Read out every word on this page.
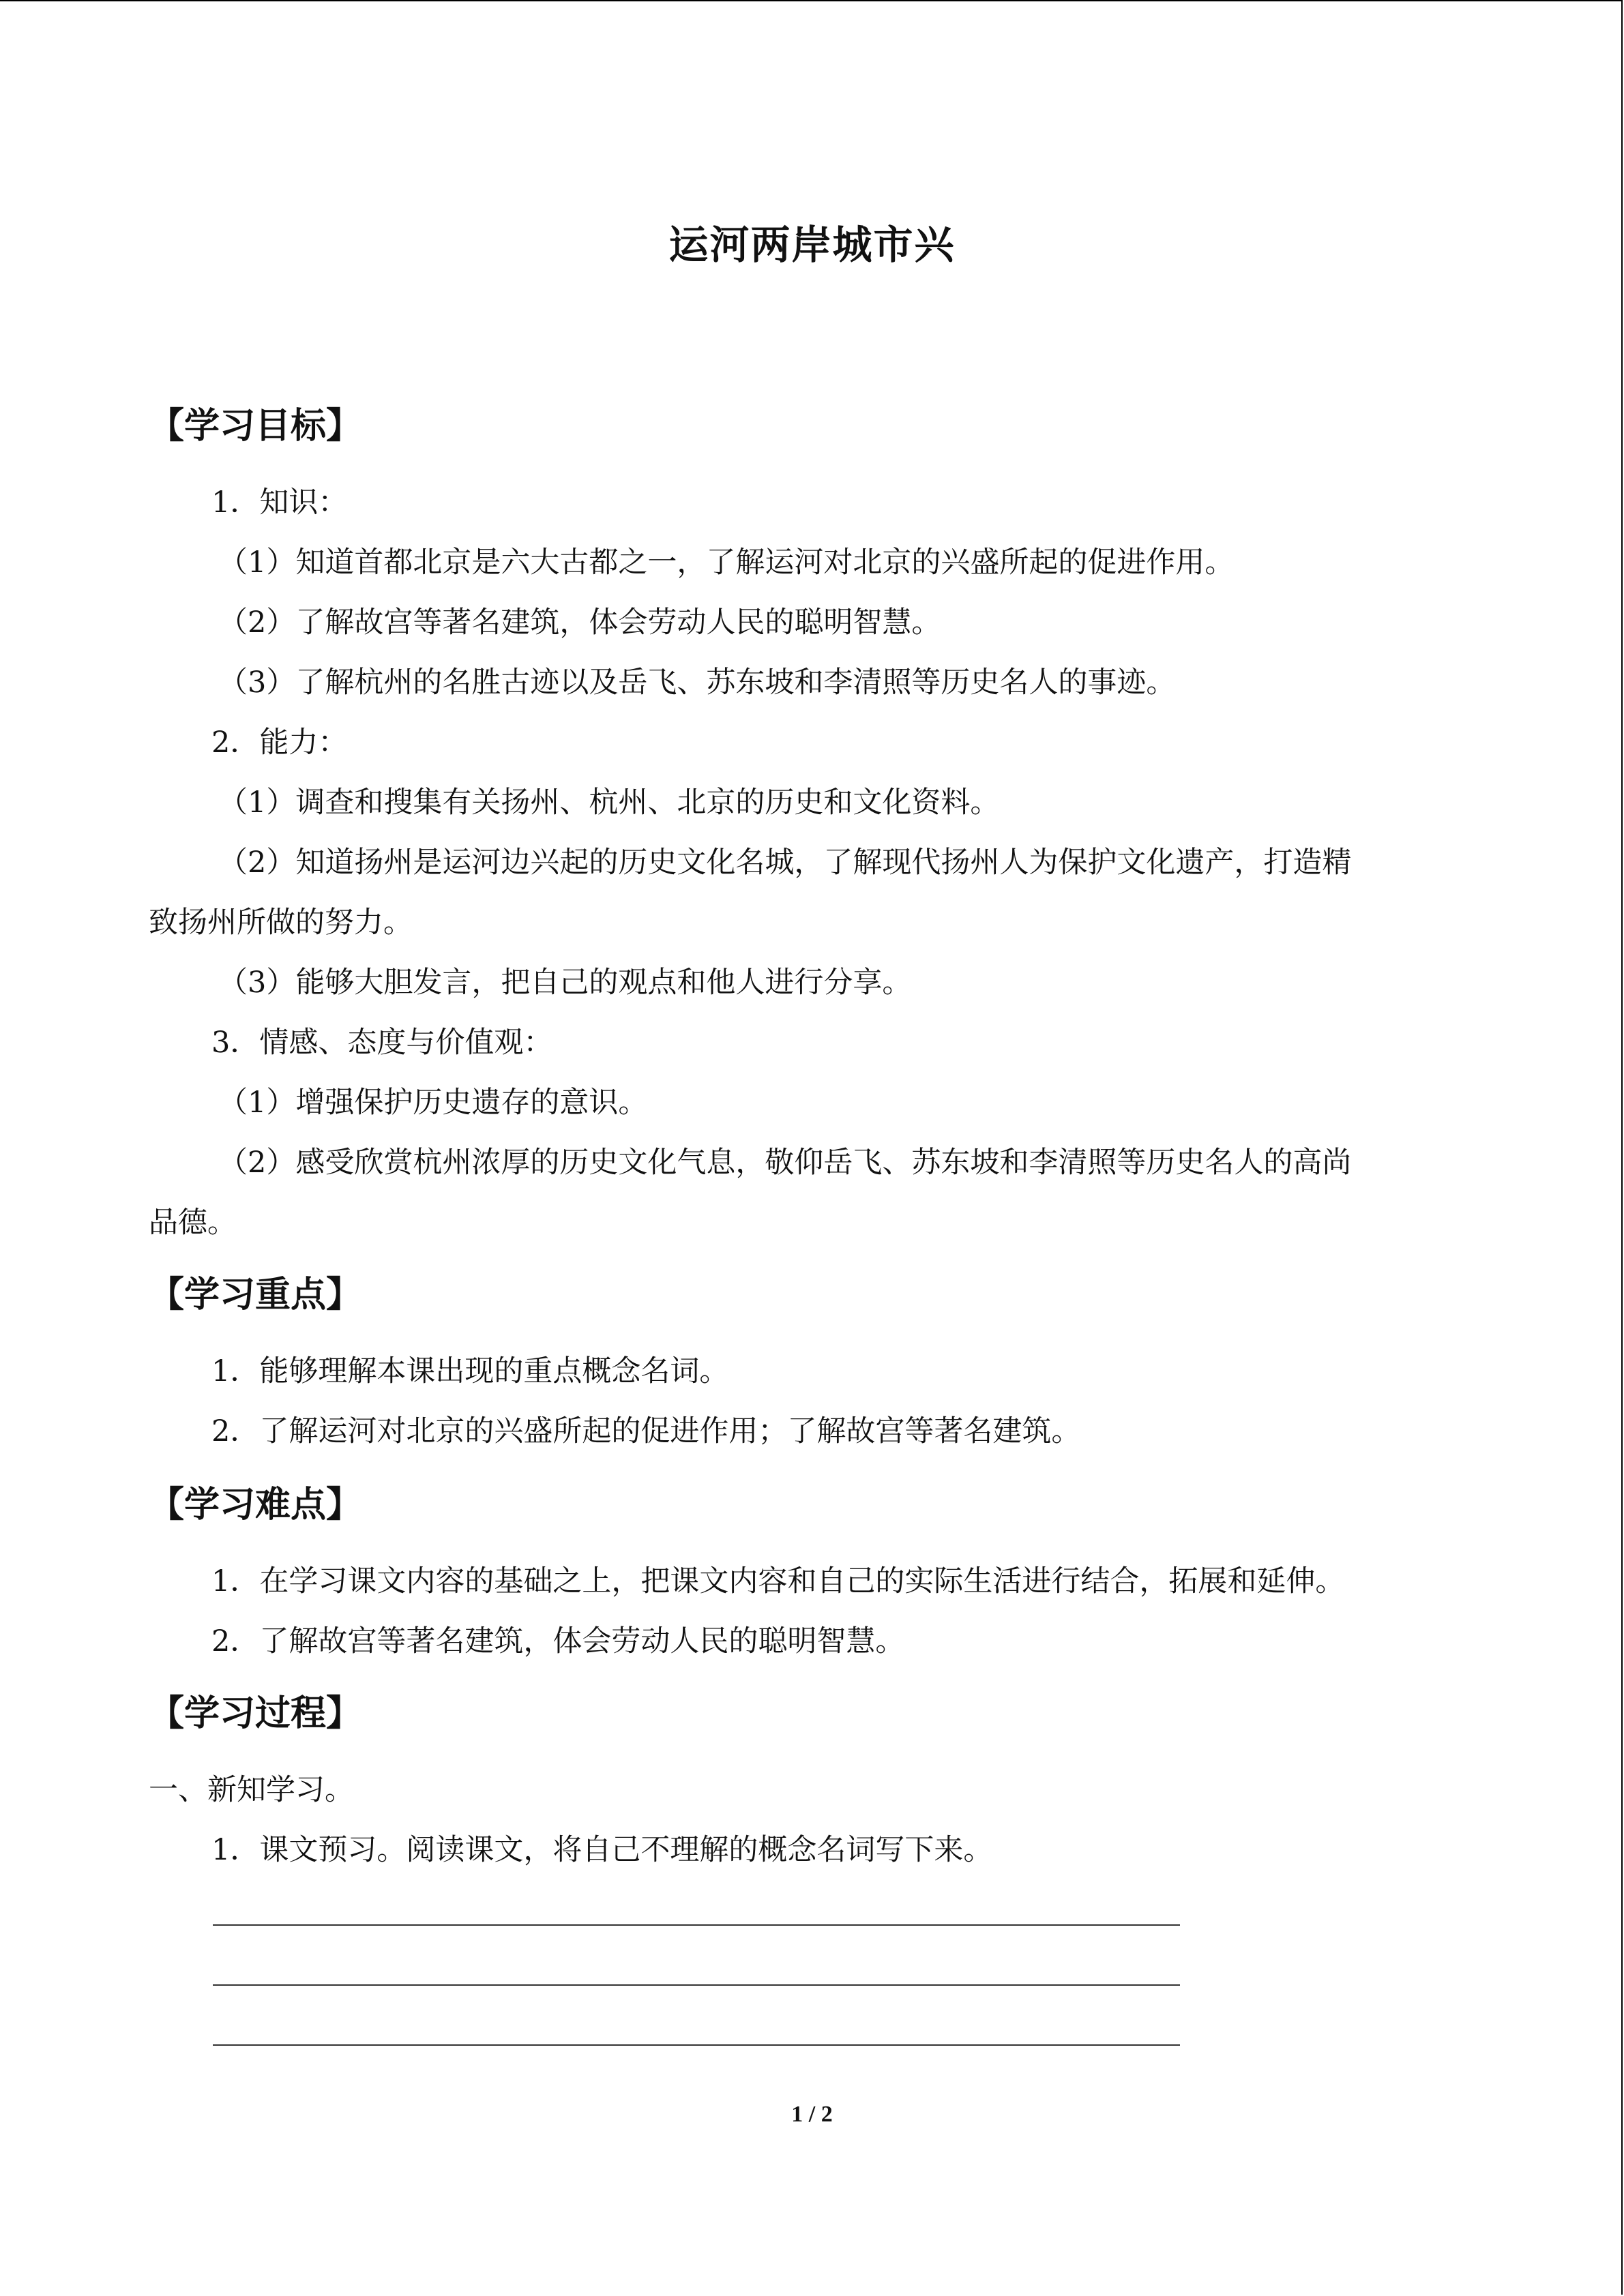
运河两岸城市兴
【学习目标】
1．知识：
（1）知道首都北京是六大古都之一，了解运河对北京的兴盛所起的促进作用。
（2）了解故宫等著名建筑，体会劳动人民的聪明智慧。
（3）了解杭州的名胜古迹以及岳飞、苏东坡和李清照等历史名人的事迹。
2．能力：
（1）调查和搜集有关扬州、杭州、北京的历史和文化资料。
（2）知道扬州是运河边兴起的历史文化名城，了解现代扬州人为保护文化遗产，打造精
致扬州所做的努力。
（3）能够大胆发言，把自己的观点和他人进行分享。
3．情感、态度与价值观：
（1）增强保护历史遗存的意识。
（2）感受欣赏杭州浓厚的历史文化气息，敬仰岳飞、苏东坡和李清照等历史名人的高尚
品德。
【学习重点】
1．能够理解本课出现的重点概念名词。
2．了解运河对北京的兴盛所起的促进作用；了解故宫等著名建筑。
【学习难点】
1．在学习课文内容的基础之上，把课文内容和自己的实际生活进行结合，拓展和延伸。
2．了解故宫等著名建筑，体会劳动人民的聪明智慧。
【学习过程】
一、新知学习。
1．课文预习。阅读课文，将自己不理解的概念名词写下来。
1 / 2
